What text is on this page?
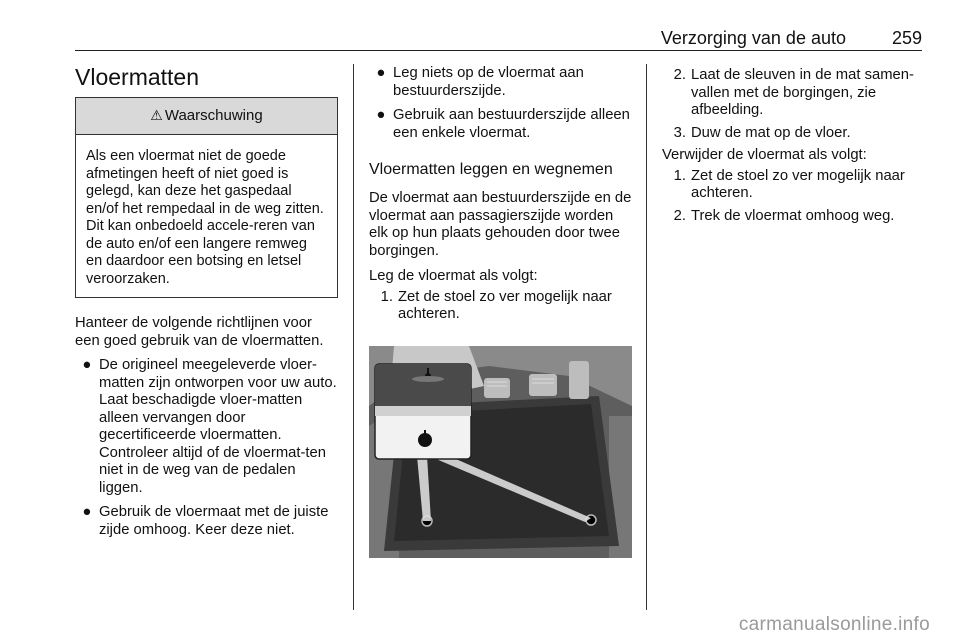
Verzorging van de auto	259
Vloermatten
⚠ Waarschuwing
Als een vloermat niet de goede afmetingen heeft of niet goed is gelegd, kan deze het gaspedaal en/of het rempedaal in de weg zitten. Dit kan onbedoeld accele-reren van de auto en/of een langere remweg en daardoor een botsing en letsel veroorzaken.

Hanteer de volgende richtlijnen voor een goed gebruik van de vloermatten.

● De origineel meegeleverde vloer-matten zijn ontworpen voor uw auto. Laat beschadigde vloer-matten alleen vervangen door gecertificeerde vloermatten. Controleer altijd of de vloermat-ten niet in de weg van de pedalen liggen.
● Gebruik de vloermaat met de juiste zijde omhoog. Keer deze niet.
● Leg niets op de vloermat aan bestuurderszijde.
● Gebruik aan bestuurderszijde alleen een enkele vloermat.
Vloermatten leggen en wegnemen

De vloermat aan bestuurderszijde en de vloermat aan passagierszijde worden elk op hun plaats gehouden door twee borgingen.

Leg de vloermat als volgt:

1. Zet de stoel zo ver mogelijk naar achteren.
2. Laat de sleuven in de mat samen-vallen met de borgingen, zie afbeelding.
3. Duw de mat op de vloer.

Verwijder de vloermat als volgt:

1. Zet de stoel zo ver mogelijk naar achteren.
2. Trek de vloermat omhoog weg.
carmanualsonline.info
